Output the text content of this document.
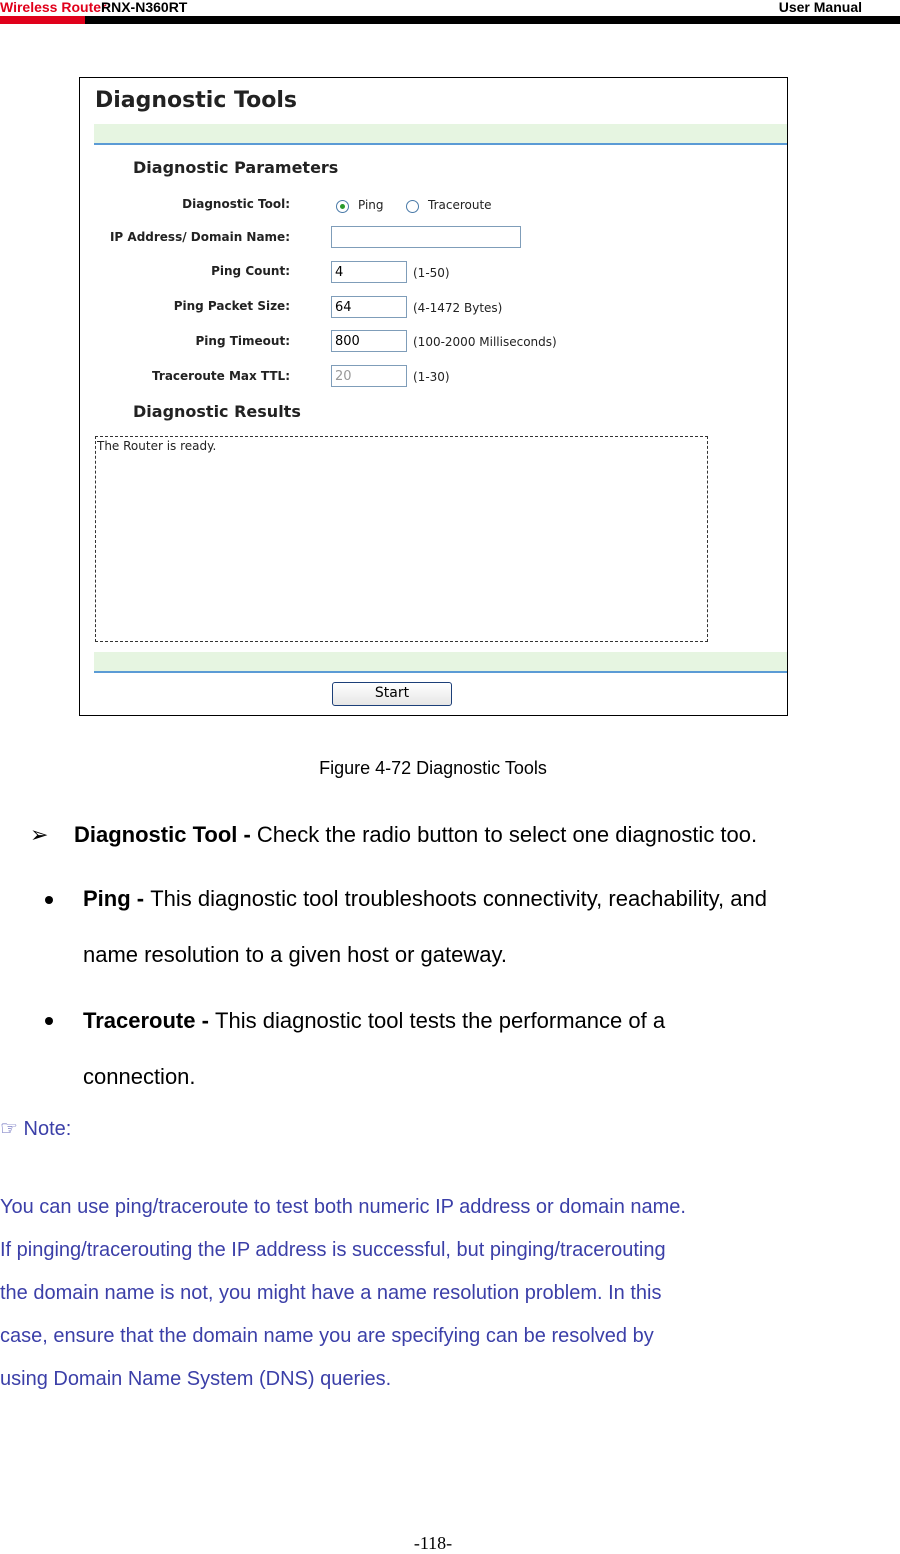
Wireless Router
RNX-N360RT	User Manual
Diagnostic Tools
Diagnostic Parameters
Diagnostic Tool:	Ping	Traceroute
IP Address/ Domain Name:
Ping Count:	4	(1-50)
Ping Packet Size:	64	(4-1472 Bytes)
Ping Timeout:	800	(100-2000 Milliseconds)
Traceroute Max TTL:	20	(1-30)
Diagnostic Results
The Router is ready.
Start
Figure 4-72 Diagnostic Tools
➢ Diagnostic Tool - Check the radio button to select one diagnostic too.
Ping - This diagnostic tool troubleshoots connectivity, reachability, and
name resolution to a given host or gateway.
Traceroute - This diagnostic tool tests the performance of a
connection.
☞ Note:
You can use ping/traceroute to test both numeric IP address or domain name.
If pinging/tracerouting the IP address is successful, but pinging/tracerouting
the domain name is not, you might have a name resolution problem. In this
case, ensure that the domain name you are specifying can be resolved by
using Domain Name System (DNS) queries.
-118-
